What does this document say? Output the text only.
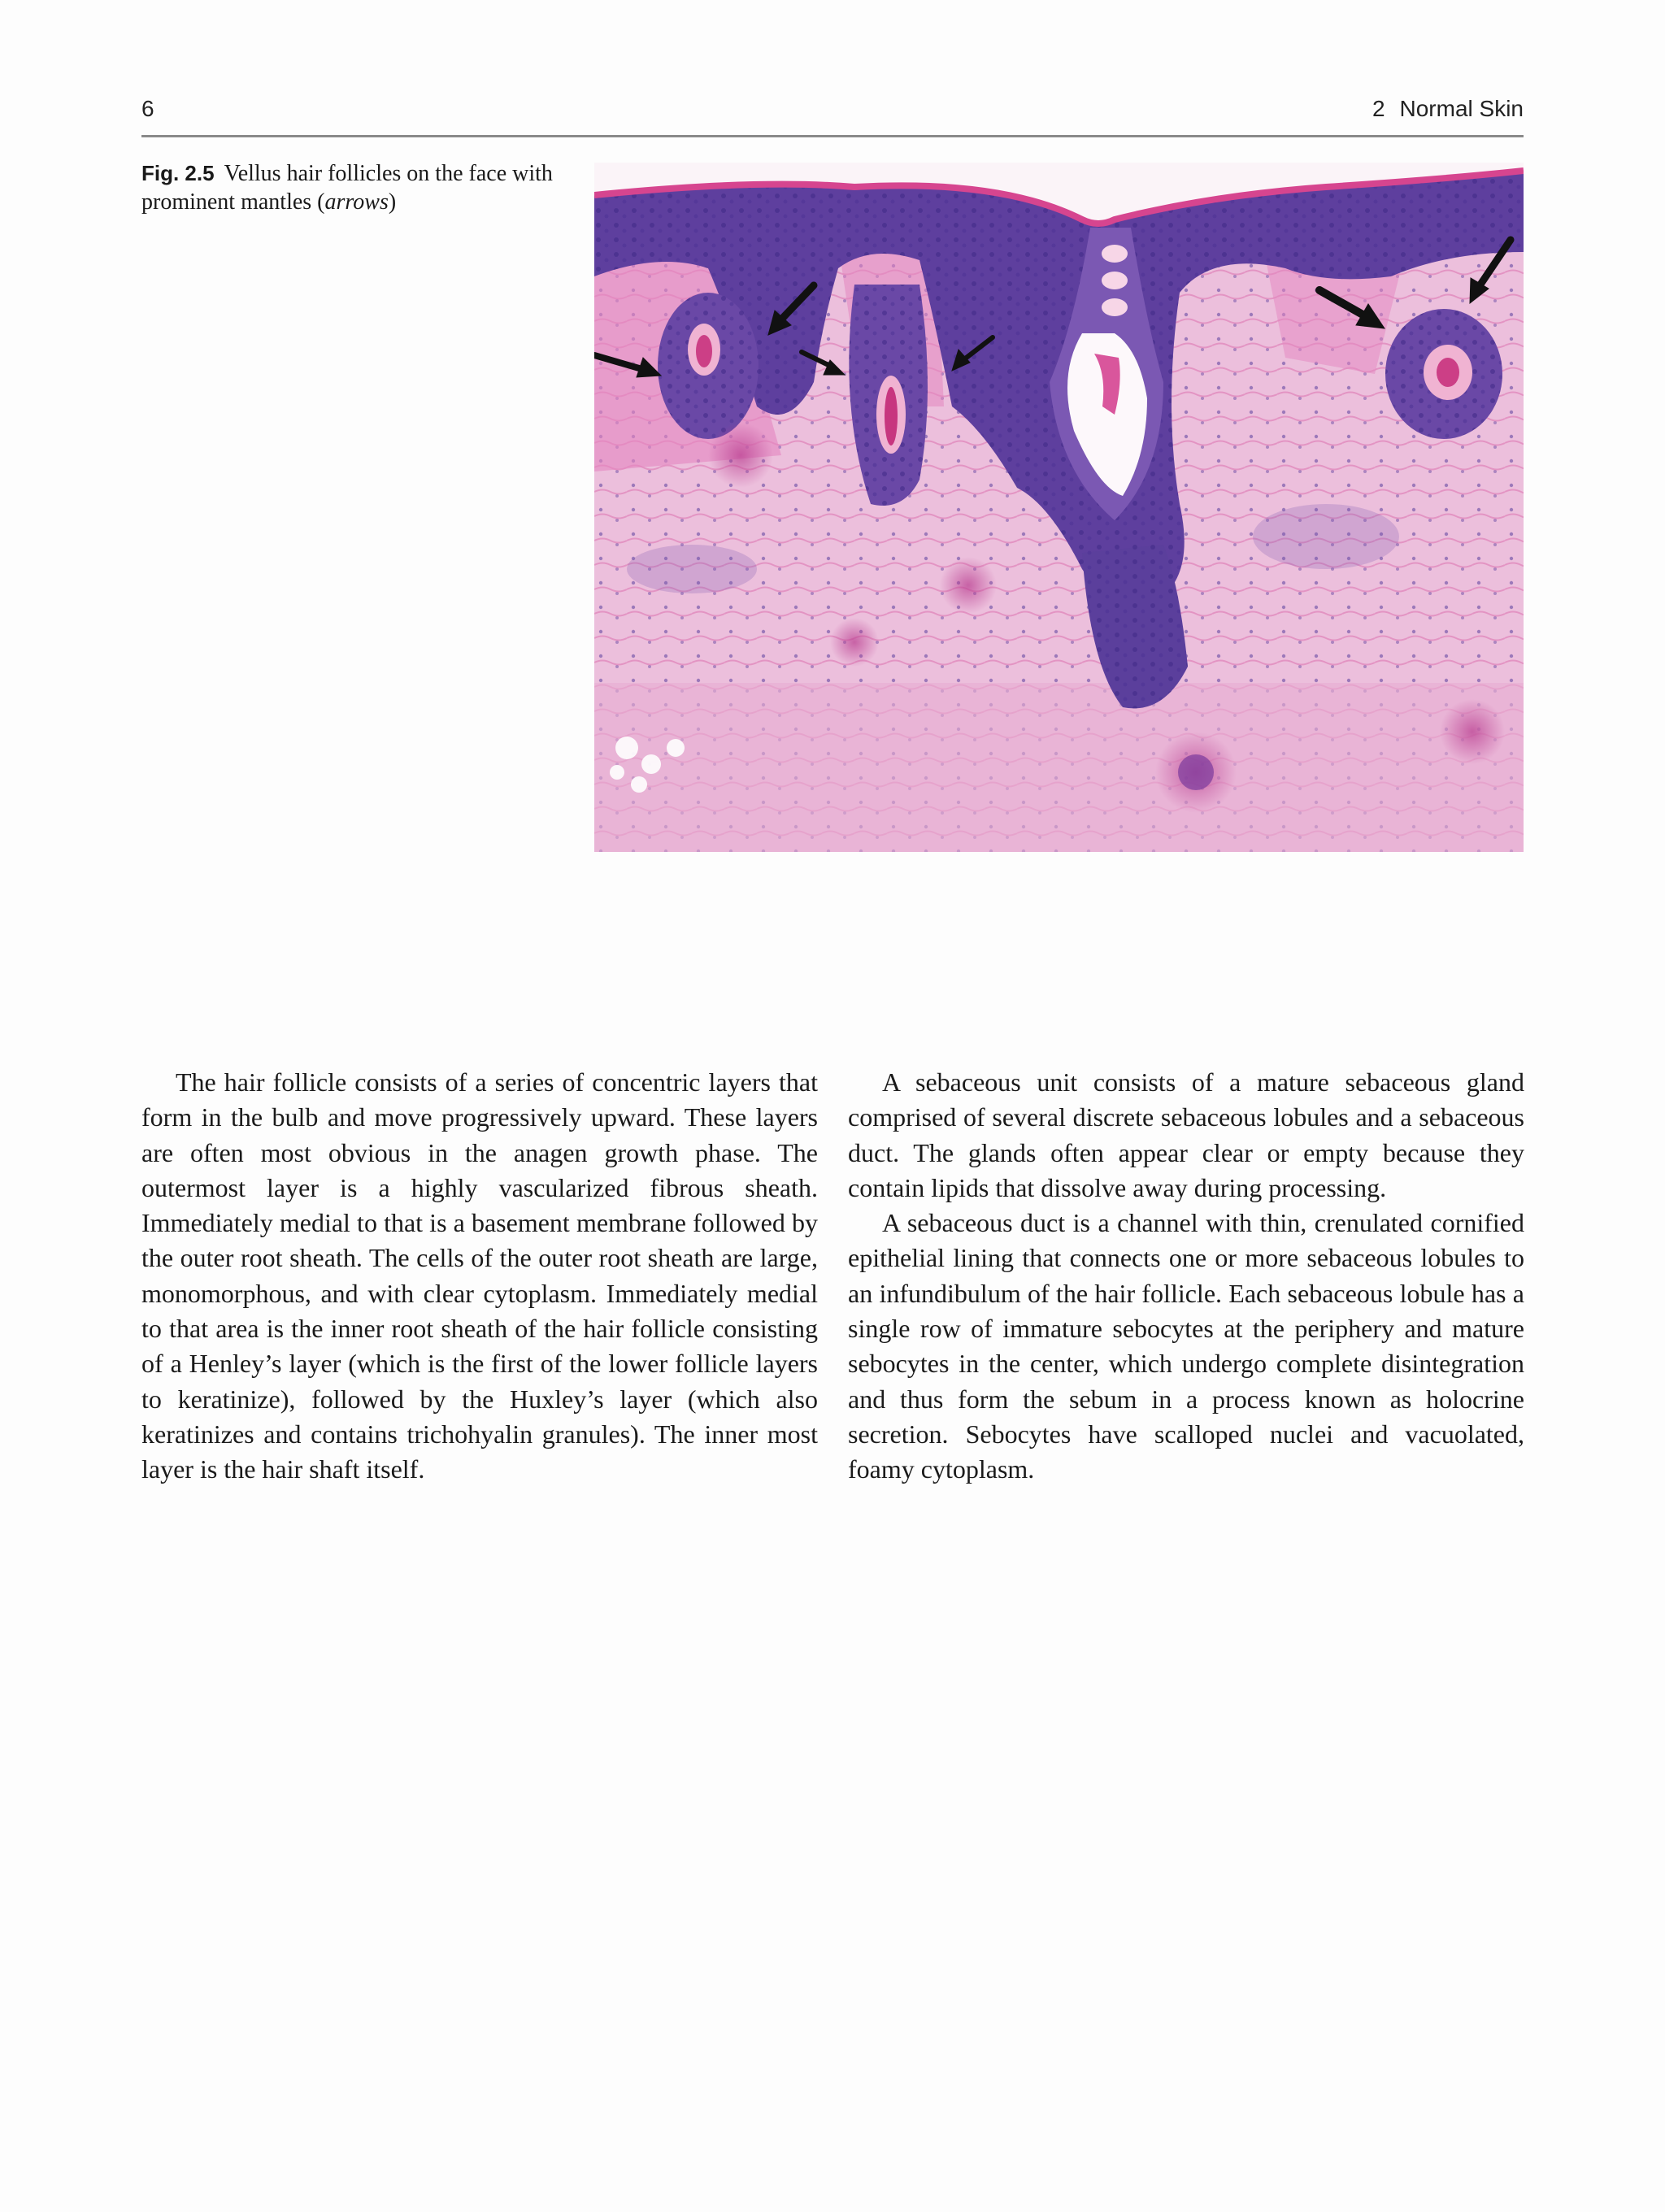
6	2 Normal Skin
Fig. 2.5 Vellus hair follicles on the face with prominent mantles (arrows)

The hair follicle consists of a series of concentric layers that form in the bulb and move progressively upward. These layers are often most obvious in the anagen growth phase. The outermost layer is a highly vascularized fibrous sheath. Immediately medial to that is a basement membrane followed by the outer root sheath. The cells of the outer root sheath are large, monomorphous, and with clear cytoplasm. Immediately medial to that area is the inner root sheath of the hair follicle consisting of a Henley’s layer (which is the first of the lower follicle layers to keratinize), followed by the Huxley’s layer (which also keratinizes and contains trichohyalin granules). The inner most layer is the hair shaft itself.

A sebaceous unit consists of a mature sebaceous gland comprised of several discrete sebaceous lobules and a sebaceous duct. The glands often appear clear or empty because they contain lipids that dissolve away during processing.

A sebaceous duct is a channel with thin, crenulated cornified epithelial lining that connects one or more sebaceous lobules to an infundibulum of the hair follicle. Each sebaceous lobule has a single row of immature sebocytes at the periphery and mature sebocytes in the center, which undergo complete disintegration and thus form the sebum in a process known as holocrine secretion. Sebocytes have scalloped nuclei and vacuolated, foamy cytoplasm.
